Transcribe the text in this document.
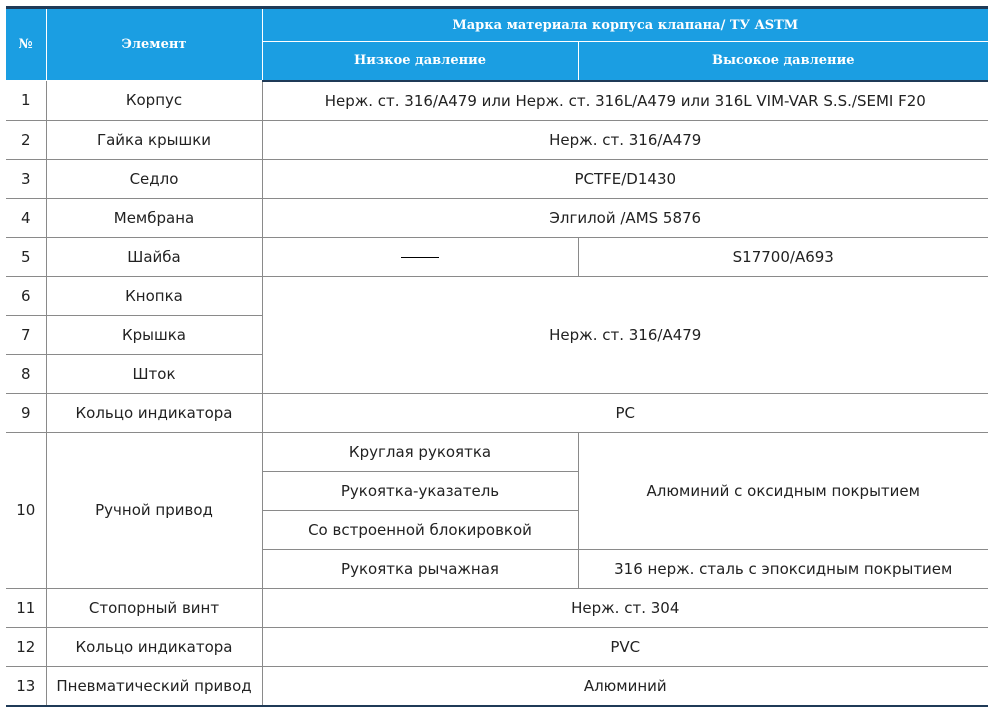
№	Элемент	Марка материала корпуса клапана/ ТУ ASTM	
		Низкое давление	Высокое давление
1	Корпус	Нерж. ст. 316/A479 или Нерж. ст. 316L/A479 или 316L VIM-VAR S.S./SEMI F20	
2	Гайка крышки	Нерж. ст. 316/A479	
3	Седло	PCTFE/D1430	
4	Мембрана	Элгилой /AMS 5876	
5	Шайба		S17700/A693
6	Кнопка	Нерж. ст. 316/A479	
7	Крышка		
8	Шток		
9	Кольцо индикатора	PC	
10	Ручной привод	Круглая рукоятка	Алюминий с оксидным покрытием
		Рукоятка-указатель	
		Со встроенной блокировкой	
		Рукоятка рычажная	316 нерж. сталь с эпоксидным покрытием
11	Стопорный винт	Нерж. ст. 304	
12	Кольцо индикатора	PVC	
13	Пневматический привод	Алюминий	
